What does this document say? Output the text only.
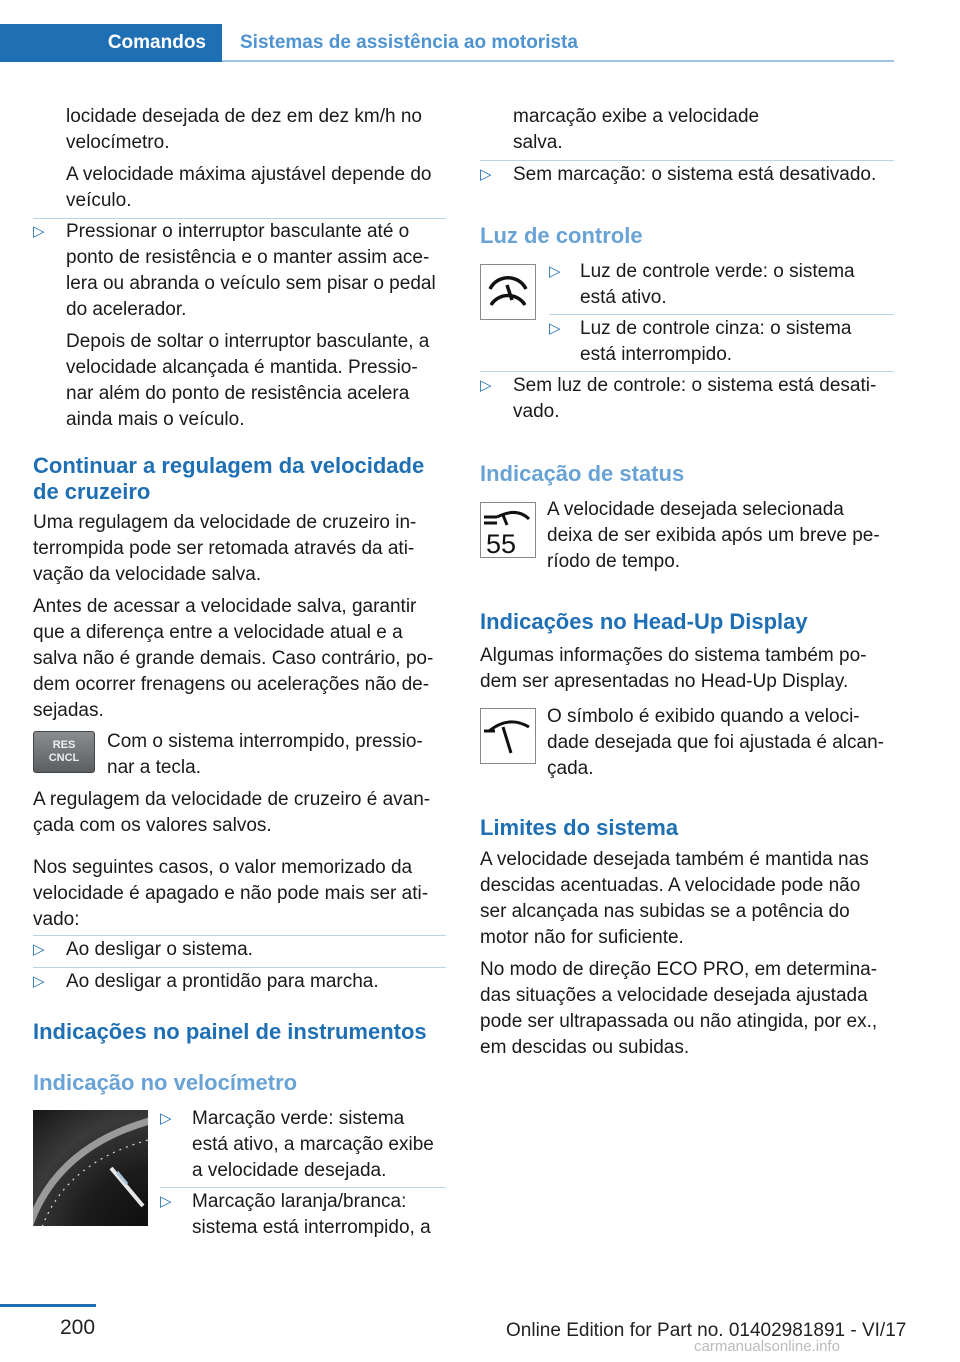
Comandos	Sistemas de assistência ao motorista

locidade desejada de dez em dez km/h no

velocímetro.

A velocidade máxima ajustável depende do

veículo.

▷ Pressionar o interruptor basculante até o

ponto de resistência e o manter assim ace-

lera ou abranda o veículo sem pisar o pedal

do acelerador.

Depois de soltar o interruptor basculante, a

velocidade alcançada é mantida. Pressio-

nar além do ponto de resistência acelera

ainda mais o veículo.

Continuar a regulagem da velocidade
de cruzeiro

Uma regulagem da velocidade de cruzeiro in-

terrompida pode ser retomada através da ati-

vação da velocidade salva.

Antes de acessar a velocidade salva, garantir

que a diferença entre a velocidade atual e a

salva não é grande demais. Caso contrário, po-

dem ocorrer frenagens ou acelerações não de-

sejadas.

RES
CNCL

Com o sistema interrompido, pressio-

nar a tecla.

A regulagem da velocidade de cruzeiro é avan-

çada com os valores salvos.

Nos seguintes casos, o valor memorizado da

velocidade é apagado e não pode mais ser ati-

vado:

▷ Ao desligar o sistema.

▷ Ao desligar a prontidão para marcha.

Indicações no painel de instrumentos
Indicação no velocímetro
▷ Marcação verde: sistema

está ativo, a marcação exibe

a velocidade desejada.

▷ Marcação laranja/branca:

sistema está interrompido, a

marcação exibe a velocidade

salva.

▷ Sem marcação: o sistema está desativado.

Luz de controle
▷ Luz de controle verde: o sistema

está ativo.

▷ Luz de controle cinza: o sistema

está interrompido.

▷ Sem luz de controle: o sistema está desati-

vado.

Indicação de status
55

A velocidade desejada selecionada

deixa de ser exibida após um breve pe-

ríodo de tempo.

Indicações no Head-Up Display

Algumas informações do sistema também po-

dem ser apresentadas no Head-Up Display.

O símbolo é exibido quando a veloci-

dade desejada que foi ajustada é alcan-

çada.

Limites do sistema

A velocidade desejada também é mantida nas

descidas acentuadas. A velocidade pode não

ser alcançada nas subidas se a potência do

motor não for suficiente.

No modo de direção ECO PRO, em determina-

das situações a velocidade desejada ajustada

pode ser ultrapassada ou não atingida, por ex.,

em descidas ou subidas.

200	Online Edition for Part no. 01402981891 - VI/17
carmanualsonline.info
